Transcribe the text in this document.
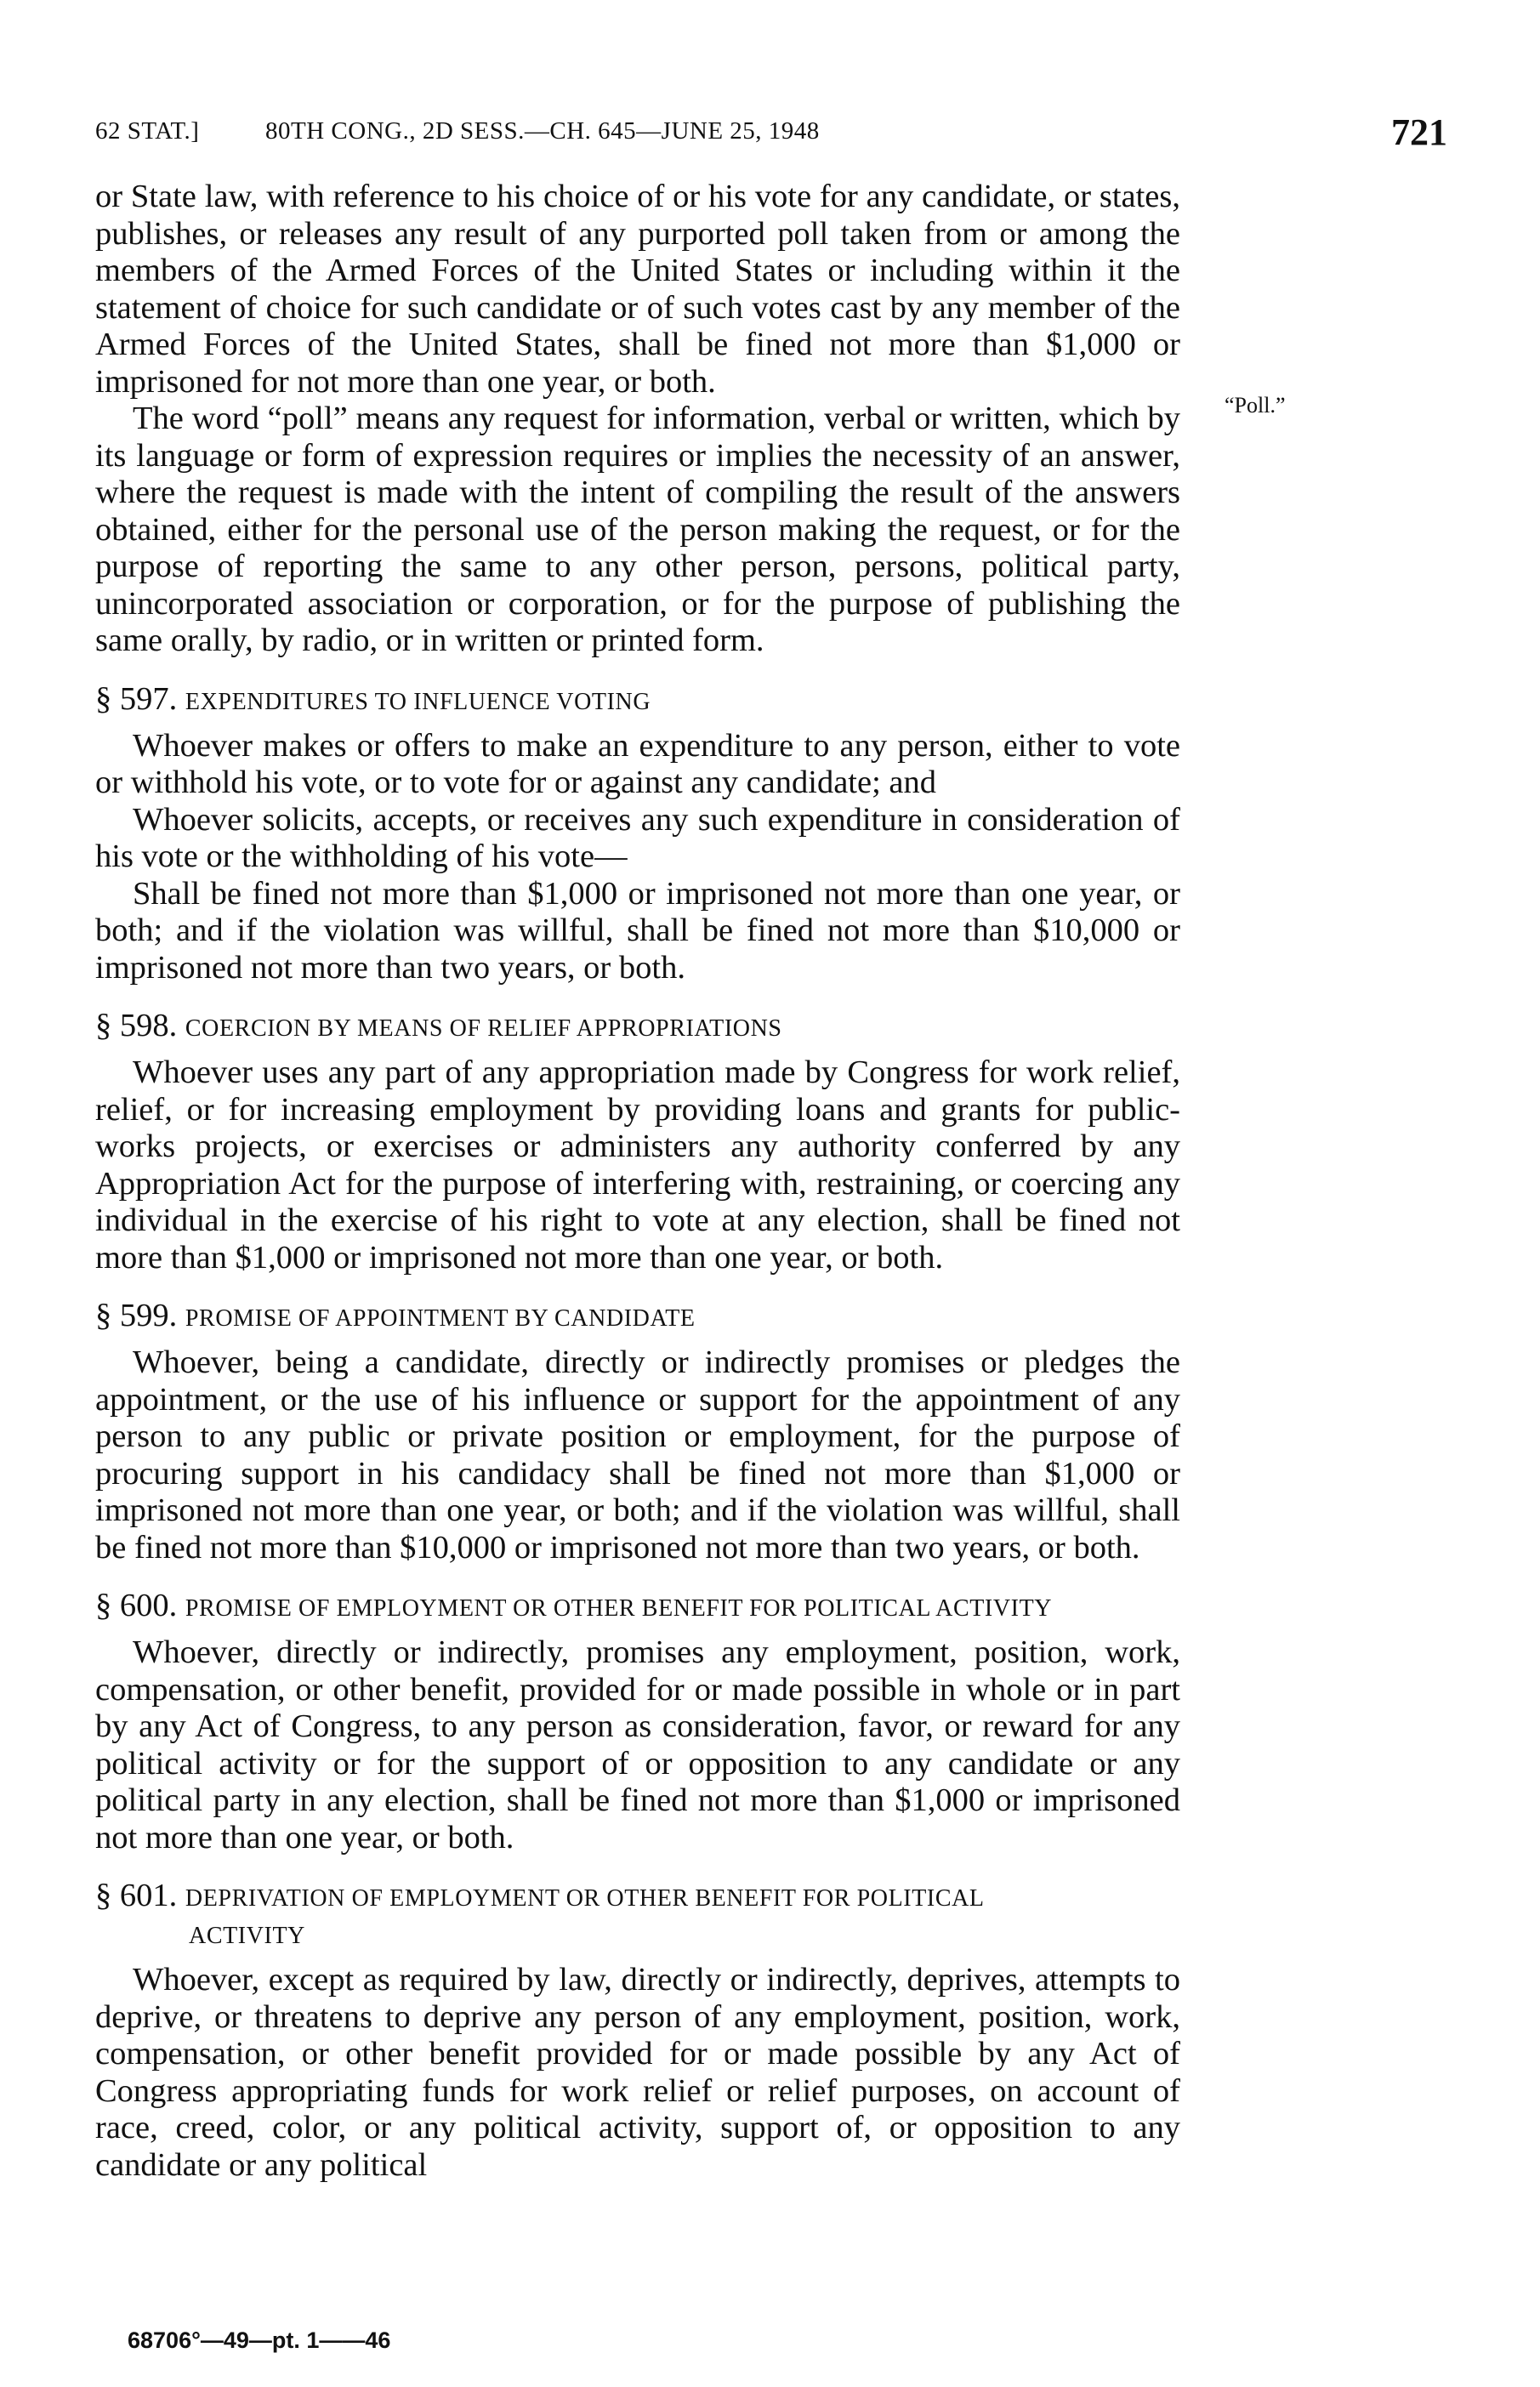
62 STAT.]	80TH CONG., 2D SESS.—CH. 645—JUNE 25, 1948	721
“Poll.”

or State law, with reference to his choice of or his vote for any candidate, or states, publishes, or releases any result of any purported poll taken from or among the members of the Armed Forces of the United States or including within it the statement of choice for such candidate or of such votes cast by any member of the Armed Forces of the United States, shall be fined not more than $1,000 or imprisoned for not more than one year, or both.

The word “poll” means any request for information, verbal or written, which by its language or form of expression requires or implies the necessity of an answer, where the request is made with the intent of compiling the result of the answers obtained, either for the personal use of the person making the request, or for the purpose of reporting the same to any other person, persons, political party, unincorporated association or corporation, or for the purpose of publishing the same orally, by radio, or in written or printed form.

§ 597. EXPENDITURES TO INFLUENCE VOTING

Whoever makes or offers to make an expenditure to any person, either to vote or withhold his vote, or to vote for or against any candidate; and

Whoever solicits, accepts, or receives any such expenditure in consideration of his vote or the withholding of his vote—

Shall be fined not more than $1,000 or imprisoned not more than one year, or both; and if the violation was willful, shall be fined not more than $10,000 or imprisoned not more than two years, or both.

§ 598. COERCION BY MEANS OF RELIEF APPROPRIATIONS

Whoever uses any part of any appropriation made by Congress for work relief, relief, or for increasing employment by providing loans and grants for public-works projects, or exercises or administers any authority conferred by any Appropriation Act for the purpose of interfering with, restraining, or coercing any individual in the exercise of his right to vote at any election, shall be fined not more than $1,000 or imprisoned not more than one year, or both.

§ 599. PROMISE OF APPOINTMENT BY CANDIDATE

Whoever, being a candidate, directly or indirectly promises or pledges the appointment, or the use of his influence or support for the appointment of any person to any public or private position or employment, for the purpose of procuring support in his candidacy shall be fined not more than $1,000 or imprisoned not more than one year, or both; and if the violation was willful, shall be fined not more than $10,000 or imprisoned not more than two years, or both.

§ 600. PROMISE OF EMPLOYMENT OR OTHER BENEFIT FOR POLITICAL ACTIVITY

Whoever, directly or indirectly, promises any employment, position, work, compensation, or other benefit, provided for or made possible in whole or in part by any Act of Congress, to any person as consideration, favor, or reward for any political activity or for the support of or opposition to any candidate or any political party in any election, shall be fined not more than $1,000 or imprisoned not more than one year, or both.

§ 601. DEPRIVATION OF EMPLOYMENT OR OTHER BENEFIT FOR POLITICAL
ACTIVITY

Whoever, except as required by law, directly or indirectly, deprives, attempts to deprive, or threatens to deprive any person of any employment, position, work, compensation, or other benefit provided for or made possible by any Act of Congress appropriating funds for work relief or relief purposes, on account of race, creed, color, or any political activity, support of, or opposition to any candidate or any political

68706°—49—pt. 1——46
